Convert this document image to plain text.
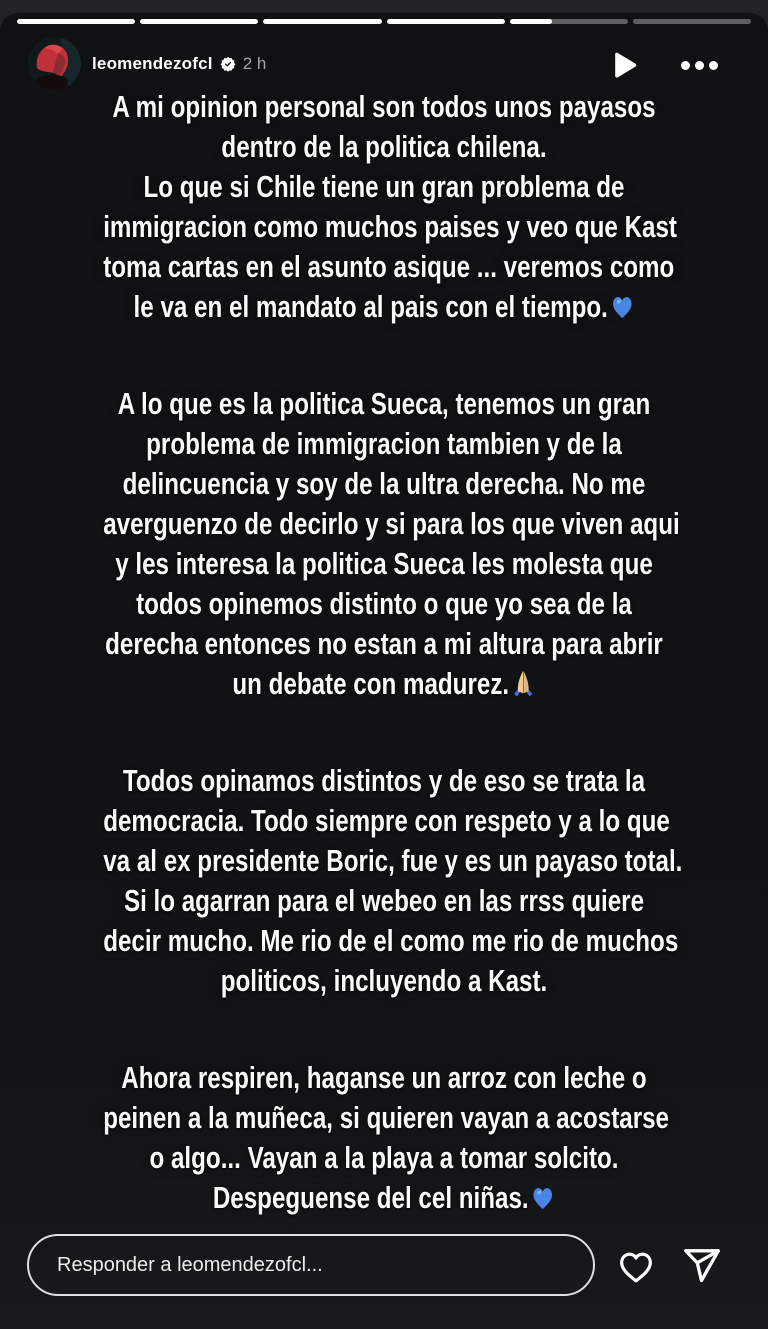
leomendezofcl 2 h
A mi opinion personal son todos unos payasos
dentro de la politica chilena.
Lo que si Chile tiene un gran problema de
immigracion como muchos paises y veo que Kast
toma cartas en el asunto asique ... veremos como
le va en el mandato al pais con el tiempo.
A lo que es la politica Sueca, tenemos un gran
problema de immigracion tambien y de la
delincuencia y soy de la ultra derecha. No me
averguenzo de decirlo y si para los que viven aqui
y les interesa la politica Sueca les molesta que
todos opinemos distinto o que yo sea de la
derecha entonces no estan a mi altura para abrir
un debate con madurez.
Todos opinamos distintos y de eso se trata la
democracia. Todo siempre con respeto y a lo que
va al ex presidente Boric, fue y es un payaso total.
Si lo agarran para el webeo en las rrss quiere
decir mucho. Me rio de el como me rio de muchos
politicos, incluyendo a Kast.
Ahora respiren, haganse un arroz con leche o
peinen a la muñeca, si quieren vayan a acostarse
o algo... Vayan a la playa a tomar solcito.
Despeguense del cel niñas.
Responder a leomendezofcl...
